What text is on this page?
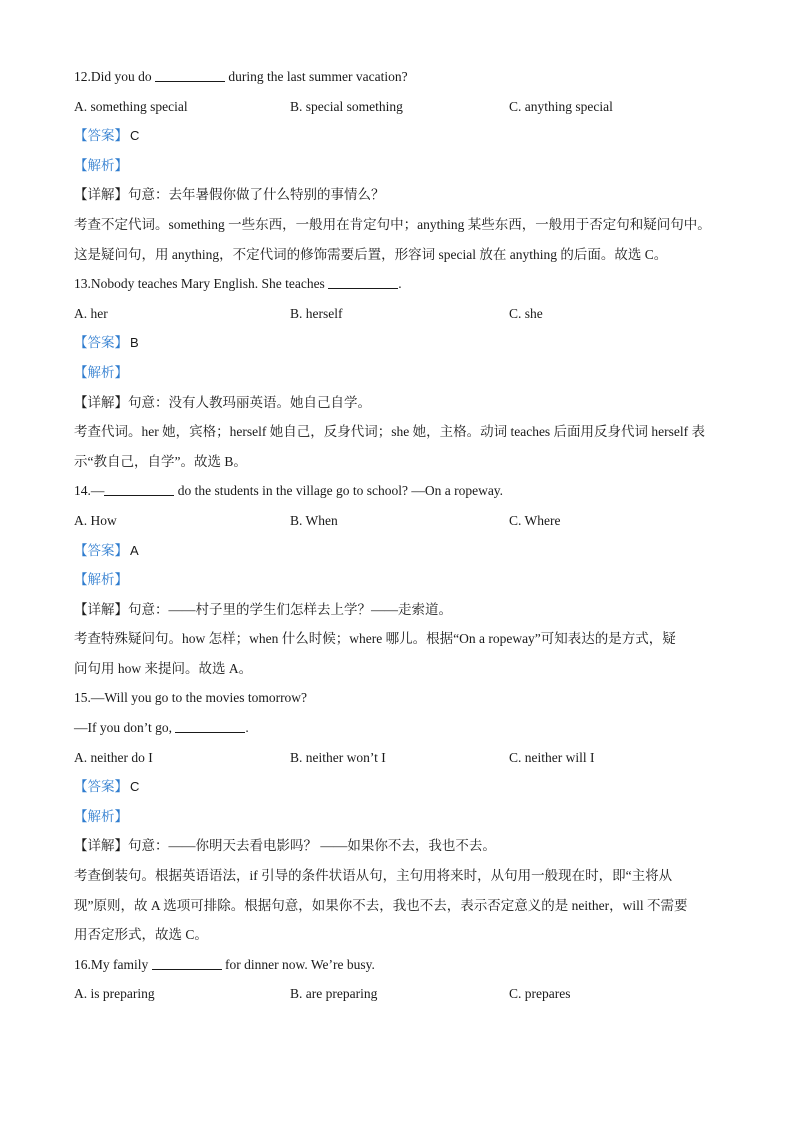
12.Did you do	during the last summer vacation?
A. something special	B. special something	C. anything special
【答案】 C
【解析】
【详解】句意：去年暑假你做了什么特别的事情么？
考查不定代词。something 一些东西，一般用在肯定句中；anything 某些东西，一般用于否定句和疑问句中。
这是疑问句，用 anything，不定代词的修饰需要后置，形容词 special 放在 anything 的后面。故选 C。
13.Nobody teaches Mary English. She teaches	.
A. her	B. herself	C. she
【答案】 B
【解析】
【详解】句意：没有人教玛丽英语。她自己自学。
考查代词。her 她，宾格；herself 她自己，反身代词；she 她，主格。动词 teaches 后面用反身代词 herself 表
示“教自己，自学”。故选 B。
14.—	do the students in the village go to school? —On a ropeway.
A. How	B. When	C. Where
【答案】 A
【解析】
【详解】句意：——村子里的学生们怎样去上学？——走索道。
考查特殊疑问句。how 怎样；when 什么时候；where 哪儿。根据“On a ropeway”可知表达的是方式，疑
问句用 how 来提问。故选 A。
15.—Will you go to the movies tomorrow?
—If you don’t go,	.
A. neither do I	B. neither won’t I	C. neither will I
【答案】 C
【解析】
【详解】句意：——你明天去看电影吗？ ——如果你不去，我也不去。
考查倒装句。根据英语语法，if 引导的条件状语从句，主句用将来时，从句用一般现在时，即“主将从
现”原则，故 A 选项可排除。根据句意，如果你不去，我也不去，表示否定意义的是 neither，will 不需要
用否定形式，故选 C。
16.My family	for dinner now. We’re busy.
A. is preparing	B. are preparing	C. prepares
